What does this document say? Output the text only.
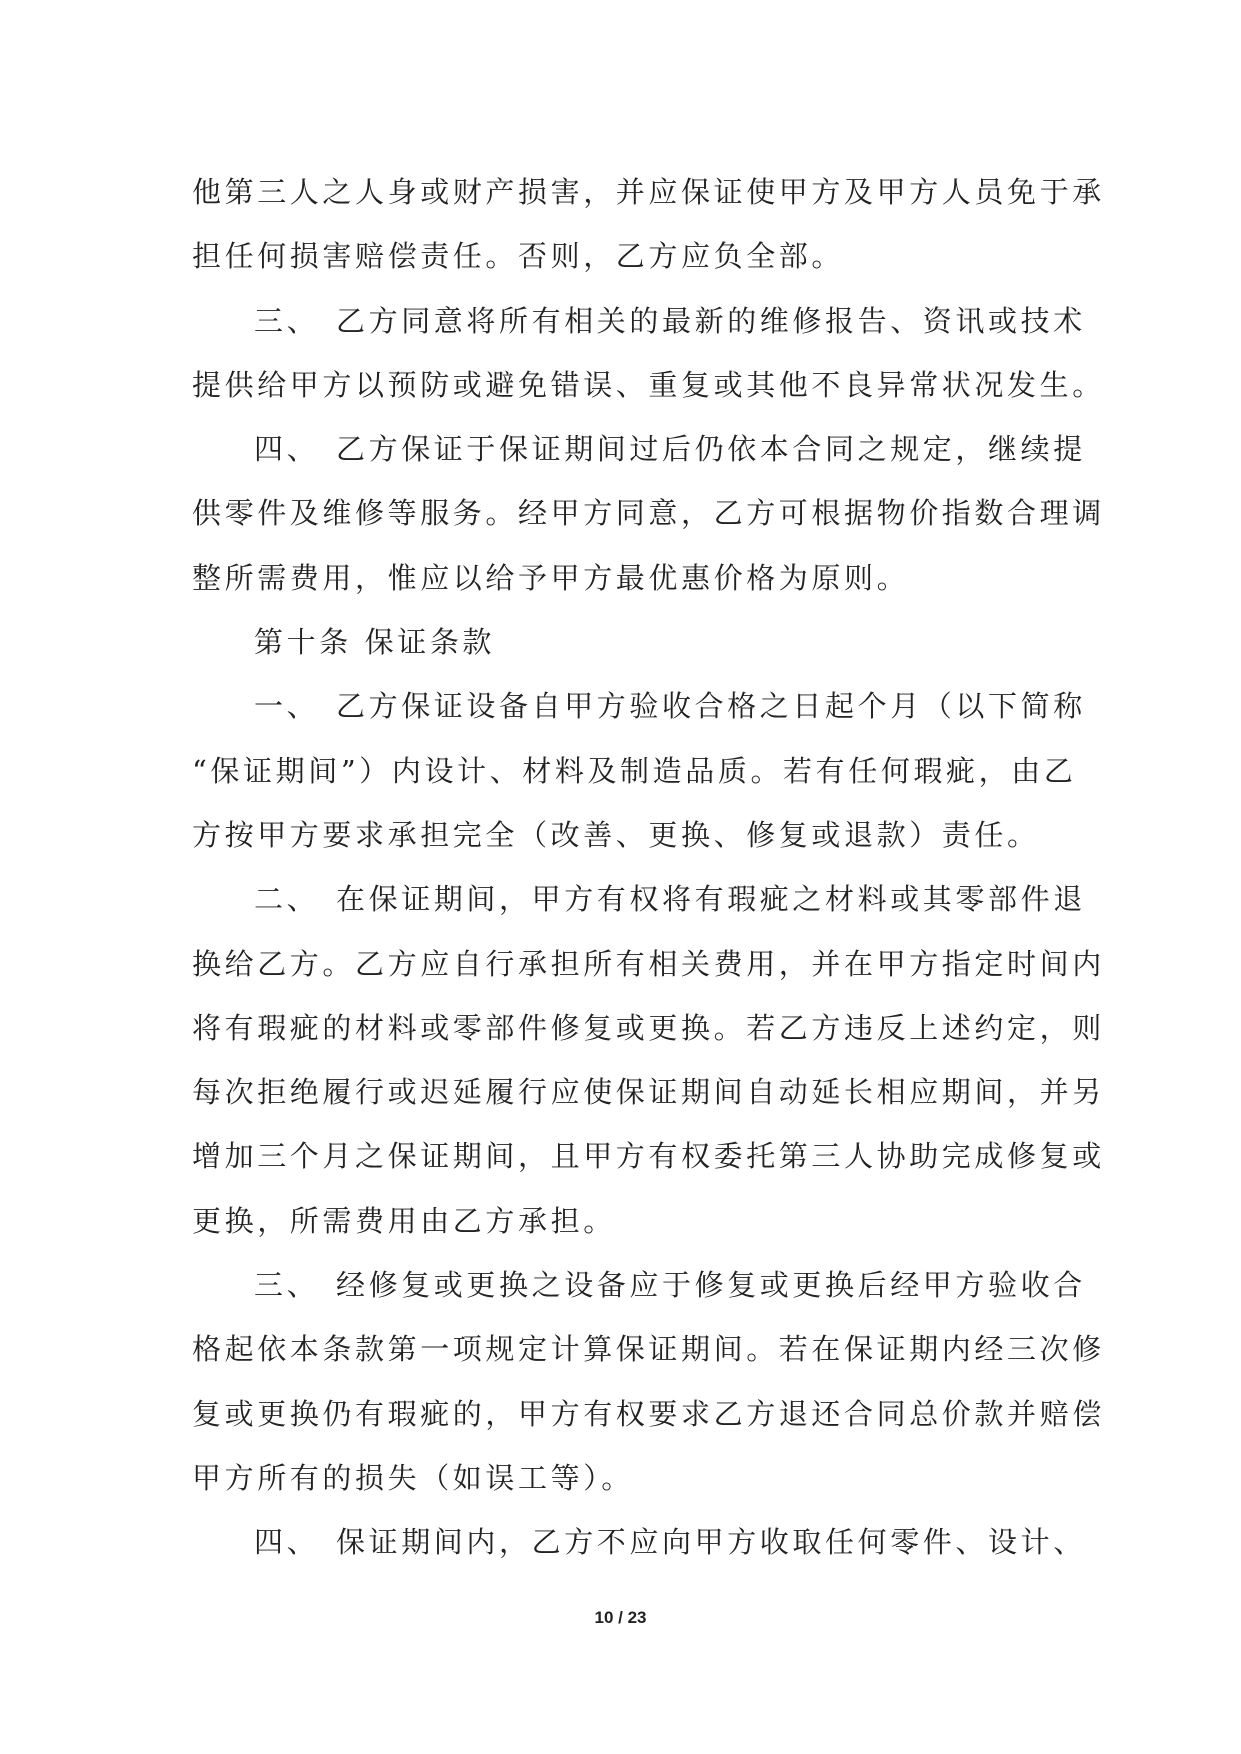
他第三人之人身或财产损害，并应保证使甲方及甲方人员免于承
担任何损害赔偿责任。否则，乙方应负全部。
三、 乙方同意将所有相关的最新的维修报告、资讯或技术
提供给甲方以预防或避免错误、重复或其他不良异常状况发生。
四、 乙方保证于保证期间过后仍依本合同之规定，继续提
供零件及维修等服务。经甲方同意，乙方可根据物价指数合理调
整所需费用，惟应以给予甲方最优惠价格为原则。
第十条 保证条款
一、 乙方保证设备自甲方验收合格之日起个月（以下简称
“保证期间”）内设计、材料及制造品质。若有任何瑕疵，由乙
方按甲方要求承担完全（改善、更换、修复或退款）责任。
二、 在保证期间，甲方有权将有瑕疵之材料或其零部件退
换给乙方。乙方应自行承担所有相关费用，并在甲方指定时间内
将有瑕疵的材料或零部件修复或更换。若乙方违反上述约定，则
每次拒绝履行或迟延履行应使保证期间自动延长相应期间，并另
增加三个月之保证期间，且甲方有权委托第三人协助完成修复或
更换，所需费用由乙方承担。
三、 经修复或更换之设备应于修复或更换后经甲方验收合
格起依本条款第一项规定计算保证期间。若在保证期内经三次修
复或更换仍有瑕疵的，甲方有权要求乙方退还合同总价款并赔偿
甲方所有的损失（如误工等）。
四、 保证期间内，乙方不应向甲方收取任何零件、设计、
10 / 23
